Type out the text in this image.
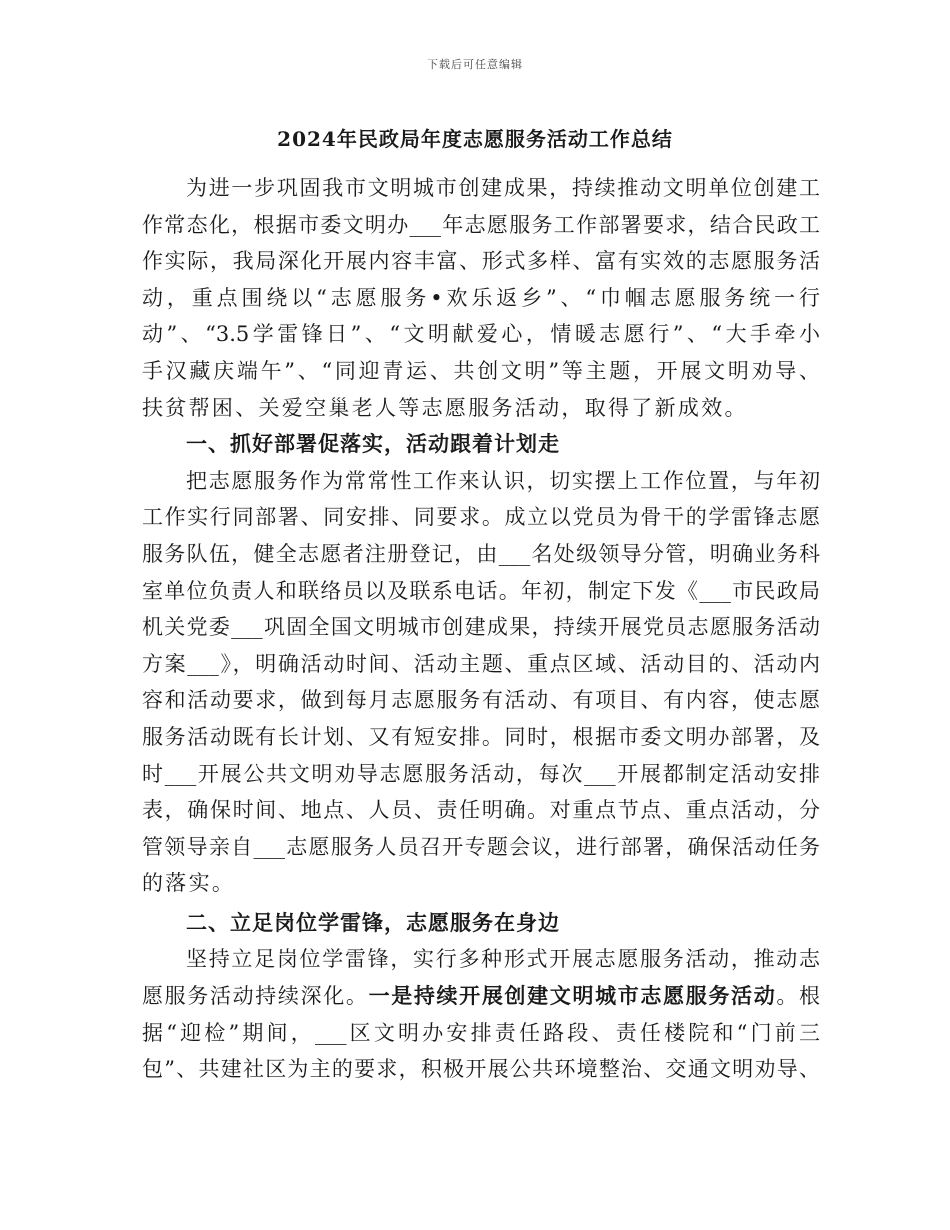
下载后可任意编辑
2024年民政局年度志愿服务活动工作总结
为进一步巩固我市文明城市创建成果，持续推动文明单位创建工
作常态化，根据市委文明办___年志愿服务工作部署要求，结合民政工
作实际，我局深化开展内容丰富、形式多样、富有实效的志愿服务活
动，重点围绕以“志愿服务•欢乐返乡”、“巾帼志愿服务统一行
动”、“3.5学雷锋日”、“文明献爱心，情暖志愿行”、“大手牵小
手汉藏庆端午”、“同迎青运、共创文明”等主题，开展文明劝导、
扶贫帮困、关爱空巢老人等志愿服务活动，取得了新成效。
一、抓好部署促落实，活动跟着计划走
把志愿服务作为常常性工作来认识，切实摆上工作位置，与年初
工作实行同部署、同安排、同要求。成立以党员为骨干的学雷锋志愿
服务队伍，健全志愿者注册登记，由___名处级领导分管，明确业务科
室单位负责人和联络员以及联系电话。年初，制定下发《___市民政局
机关党委___巩固全国文明城市创建成果，持续开展党员志愿服务活动
方案___》，明确活动时间、活动主题、重点区域、活动目的、活动内
容和活动要求，做到每月志愿服务有活动、有项目、有内容，使志愿
服务活动既有长计划、又有短安排。同时，根据市委文明办部署，及
时___开展公共文明劝导志愿服务活动，每次___开展都制定活动安排
表，确保时间、地点、人员、责任明确。对重点节点、重点活动，分
管领导亲自___志愿服务人员召开专题会议，进行部署，确保活动任务
的落实。
二、立足岗位学雷锋，志愿服务在身边
坚持立足岗位学雷锋，实行多种形式开展志愿服务活动，推动志
愿服务活动持续深化。一是持续开展创建文明城市志愿服务活动。根
据“迎检”期间，___区文明办安排责任路段、责任楼院和“门前三
包”、共建社区为主的要求，积极开展公共环境整治、交通文明劝导、
